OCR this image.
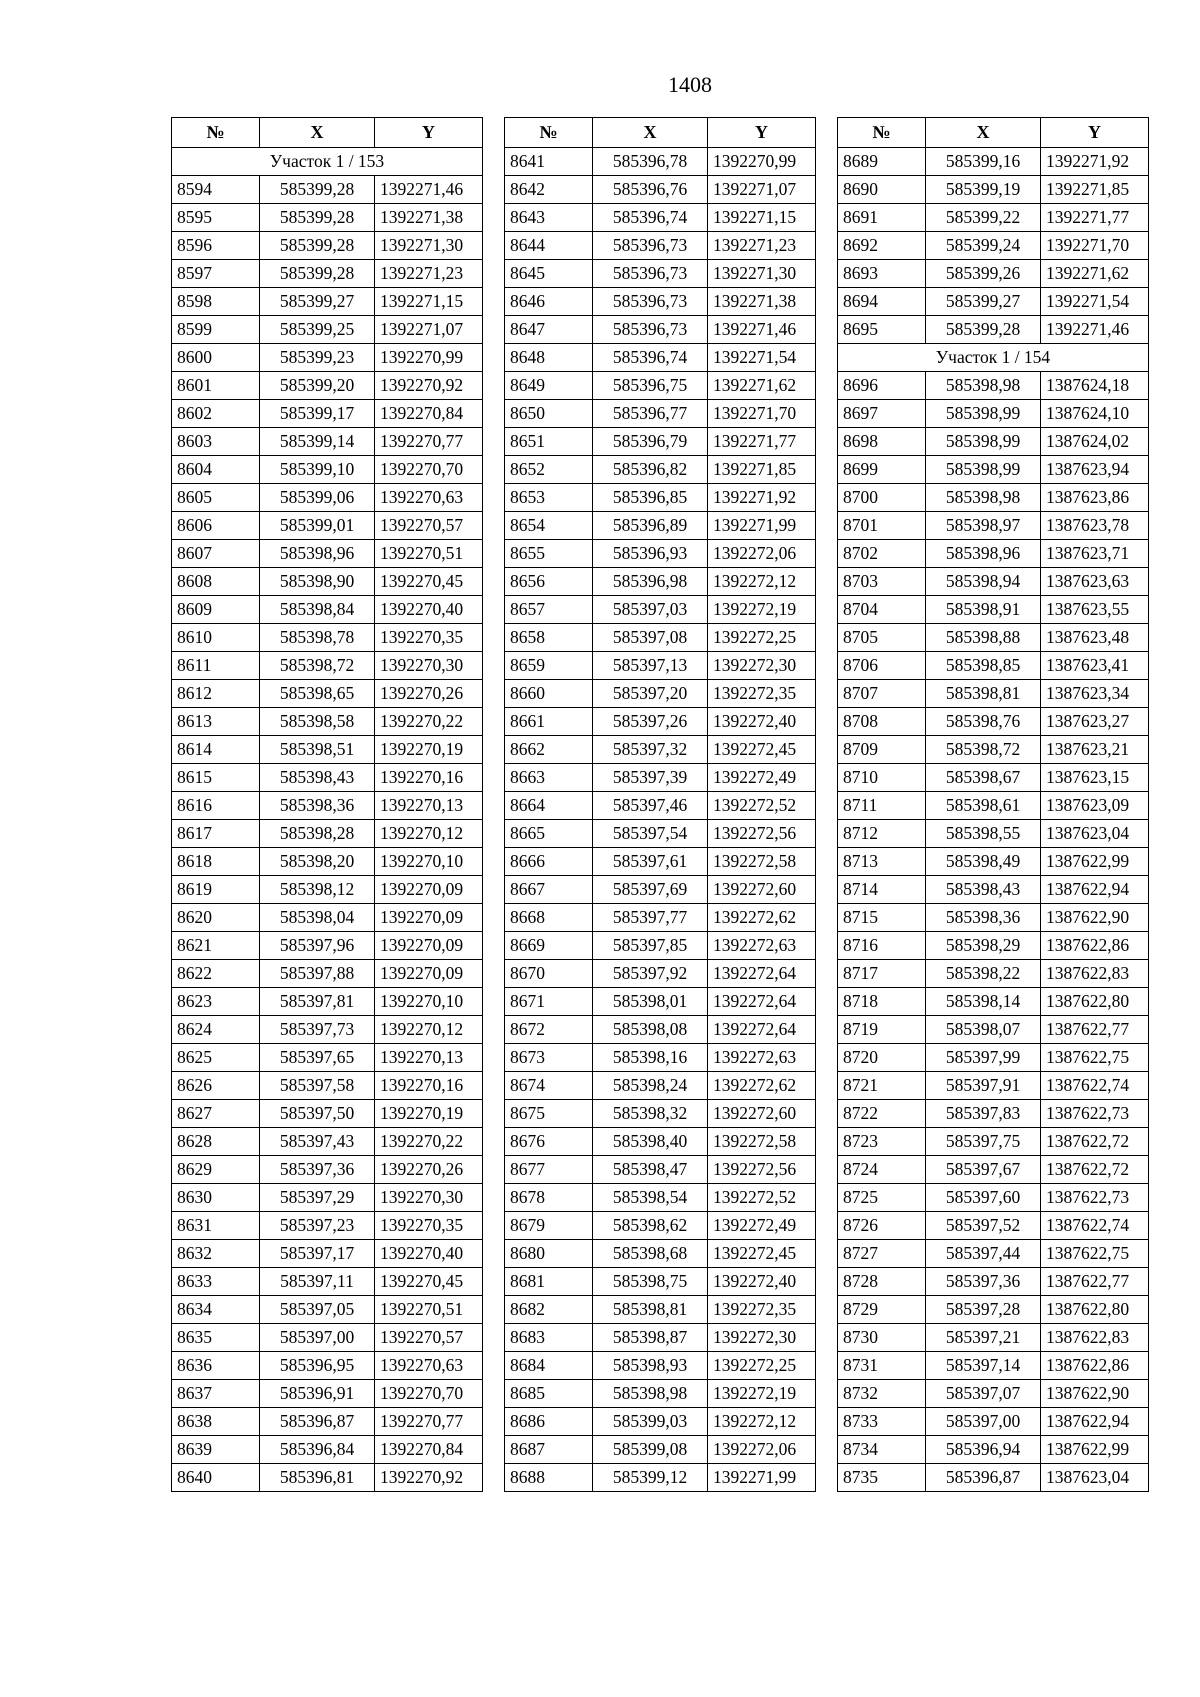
1408
№	X	Y
Участок 1 / 153		
8594	585399,28	1392271,46
8595	585399,28	1392271,38
8596	585399,28	1392271,30
8597	585399,28	1392271,23
8598	585399,27	1392271,15
8599	585399,25	1392271,07
8600	585399,23	1392270,99
8601	585399,20	1392270,92
8602	585399,17	1392270,84
8603	585399,14	1392270,77
8604	585399,10	1392270,70
8605	585399,06	1392270,63
8606	585399,01	1392270,57
8607	585398,96	1392270,51
8608	585398,90	1392270,45
8609	585398,84	1392270,40
8610	585398,78	1392270,35
8611	585398,72	1392270,30
8612	585398,65	1392270,26
8613	585398,58	1392270,22
8614	585398,51	1392270,19
8615	585398,43	1392270,16
8616	585398,36	1392270,13
8617	585398,28	1392270,12
8618	585398,20	1392270,10
8619	585398,12	1392270,09
8620	585398,04	1392270,09
8621	585397,96	1392270,09
8622	585397,88	1392270,09
8623	585397,81	1392270,10
8624	585397,73	1392270,12
8625	585397,65	1392270,13
8626	585397,58	1392270,16
8627	585397,50	1392270,19
8628	585397,43	1392270,22
8629	585397,36	1392270,26
8630	585397,29	1392270,30
8631	585397,23	1392270,35
8632	585397,17	1392270,40
8633	585397,11	1392270,45
8634	585397,05	1392270,51
8635	585397,00	1392270,57
8636	585396,95	1392270,63
8637	585396,91	1392270,70
8638	585396,87	1392270,77
8639	585396,84	1392270,84
8640	585396,81	1392270,92
№	X	Y
8641	585396,78	1392270,99
8642	585396,76	1392271,07
8643	585396,74	1392271,15
8644	585396,73	1392271,23
8645	585396,73	1392271,30
8646	585396,73	1392271,38
8647	585396,73	1392271,46
8648	585396,74	1392271,54
8649	585396,75	1392271,62
8650	585396,77	1392271,70
8651	585396,79	1392271,77
8652	585396,82	1392271,85
8653	585396,85	1392271,92
8654	585396,89	1392271,99
8655	585396,93	1392272,06
8656	585396,98	1392272,12
8657	585397,03	1392272,19
8658	585397,08	1392272,25
8659	585397,13	1392272,30
8660	585397,20	1392272,35
8661	585397,26	1392272,40
8662	585397,32	1392272,45
8663	585397,39	1392272,49
8664	585397,46	1392272,52
8665	585397,54	1392272,56
8666	585397,61	1392272,58
8667	585397,69	1392272,60
8668	585397,77	1392272,62
8669	585397,85	1392272,63
8670	585397,92	1392272,64
8671	585398,01	1392272,64
8672	585398,08	1392272,64
8673	585398,16	1392272,63
8674	585398,24	1392272,62
8675	585398,32	1392272,60
8676	585398,40	1392272,58
8677	585398,47	1392272,56
8678	585398,54	1392272,52
8679	585398,62	1392272,49
8680	585398,68	1392272,45
8681	585398,75	1392272,40
8682	585398,81	1392272,35
8683	585398,87	1392272,30
8684	585398,93	1392272,25
8685	585398,98	1392272,19
8686	585399,03	1392272,12
8687	585399,08	1392272,06
8688	585399,12	1392271,99
№	X	Y
8689	585399,16	1392271,92
8690	585399,19	1392271,85
8691	585399,22	1392271,77
8692	585399,24	1392271,70
8693	585399,26	1392271,62
8694	585399,27	1392271,54
8695	585399,28	1392271,46
Участок 1 / 154		
8696	585398,98	1387624,18
8697	585398,99	1387624,10
8698	585398,99	1387624,02
8699	585398,99	1387623,94
8700	585398,98	1387623,86
8701	585398,97	1387623,78
8702	585398,96	1387623,71
8703	585398,94	1387623,63
8704	585398,91	1387623,55
8705	585398,88	1387623,48
8706	585398,85	1387623,41
8707	585398,81	1387623,34
8708	585398,76	1387623,27
8709	585398,72	1387623,21
8710	585398,67	1387623,15
8711	585398,61	1387623,09
8712	585398,55	1387623,04
8713	585398,49	1387622,99
8714	585398,43	1387622,94
8715	585398,36	1387622,90
8716	585398,29	1387622,86
8717	585398,22	1387622,83
8718	585398,14	1387622,80
8719	585398,07	1387622,77
8720	585397,99	1387622,75
8721	585397,91	1387622,74
8722	585397,83	1387622,73
8723	585397,75	1387622,72
8724	585397,67	1387622,72
8725	585397,60	1387622,73
8726	585397,52	1387622,74
8727	585397,44	1387622,75
8728	585397,36	1387622,77
8729	585397,28	1387622,80
8730	585397,21	1387622,83
8731	585397,14	1387622,86
8732	585397,07	1387622,90
8733	585397,00	1387622,94
8734	585396,94	1387622,99
8735	585396,87	1387623,04
